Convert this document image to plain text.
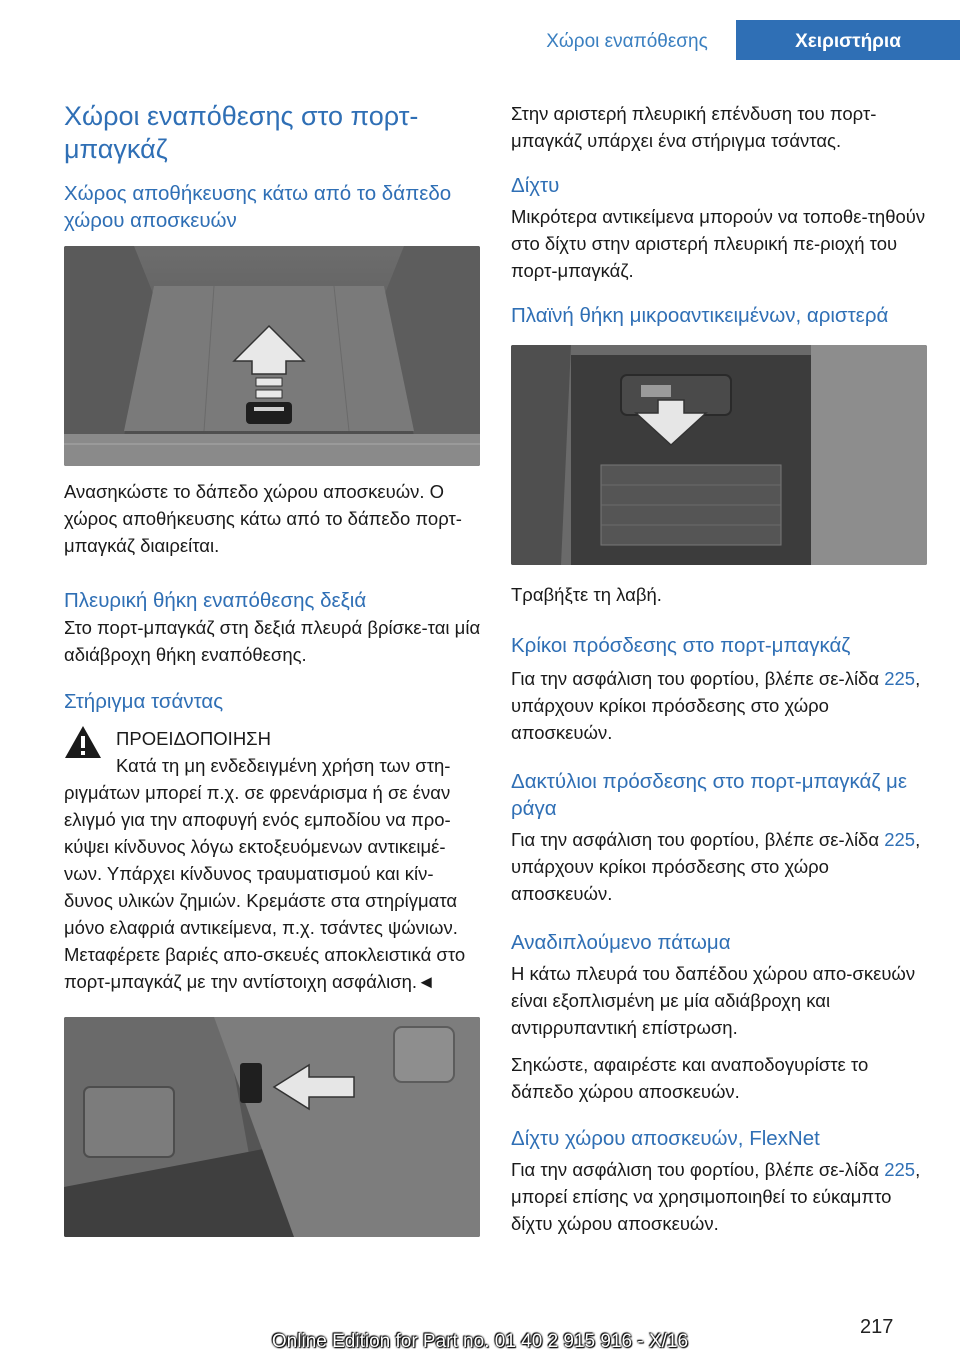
Χώροι εναπόθεσης	Χειριστήρια
Χώροι εναπόθεσης στο πορτ-μπαγκάζ
Χώρος αποθήκευσης κάτω από το δάπεδο χώρου αποσκευών

Ανασηκώστε το δάπεδο χώρου αποσκευών. Ο χώρος αποθήκευσης κάτω από το δάπεδο πορτ-μπαγκάζ διαιρείται.

Πλευρική θήκη εναπόθεσης δεξιά

Στο πορτ-μπαγκάζ στη δεξιά πλευρά βρίσκε-ται μία αδιάβροχη θήκη εναπόθεσης.

Στήριγμα τσάντας

ΠΡΟΕΙΔΟΠΟΙΗΣΗ

Κατά τη μη ενδεδειγμένη χρήση των στη-ριγμάτων μπορεί π.χ. σε φρενάρισμα ή σε έναν ελιγμό για την αποφυγή ενός εμποδίου να προ-κύψει κίνδυνος λόγω εκτοξευόμενων αντικειμέ-νων. Υπάρχει κίνδυνος τραυματισμού και κίν-δυνος υλικών ζημιών. Κρεμάστε στα στηρίγματα μόνο ελαφριά αντικείμενα, π.χ. τσάντες ψώνιων. Μεταφέρετε βαριές απο-σκευές αποκλειστικά στο πορτ-μπαγκάζ με την αντίστοιχη ασφάλιση.◄

Στην αριστερή πλευρική επένδυση του πορτ-μπαγκάζ υπάρχει ένα στήριγμα τσάντας.

Δίχτυ

Μικρότερα αντικείμενα μπορούν να τοποθε-τηθούν στο δίχτυ στην αριστερή πλευρική πε-ριοχή του πορτ-μπαγκάζ.

Πλαϊνή θήκη μικροαντικειμένων, αριστερά

Τραβήξτε τη λαβή.

Κρίκοι πρόσδεσης στο πορτ-μπαγκάζ

Για την ασφάλιση του φορτίου, βλέπε σε-λίδα 225, υπάρχουν κρίκοι πρόσδεσης στο χώρο αποσκευών.

Δακτύλιοι πρόσδεσης στο πορτ-μπαγκάζ με ράγα

Για την ασφάλιση του φορτίου, βλέπε σε-λίδα 225, υπάρχουν κρίκοι πρόσδεσης στο χώρο αποσκευών.

Αναδιπλούμενο πάτωμα

Η κάτω πλευρά του δαπέδου χώρου απο-σκευών είναι εξοπλισμένη με μία αδιάβροχη και αντιρρυπαντική επίστρωση.

Σηκώστε, αφαιρέστε και αναποδογυρίστε το δάπεδο χώρου αποσκευών.

Δίχτυ χώρου αποσκευών, FlexNet

Για την ασφάλιση του φορτίου, βλέπε σε-λίδα 225, μπορεί επίσης να χρησιμοποιηθεί το εύκαμπτο δίχτυ χώρου αποσκευών.

217
Online Edition for Part no. 01 40 2 915 916 - X/16
